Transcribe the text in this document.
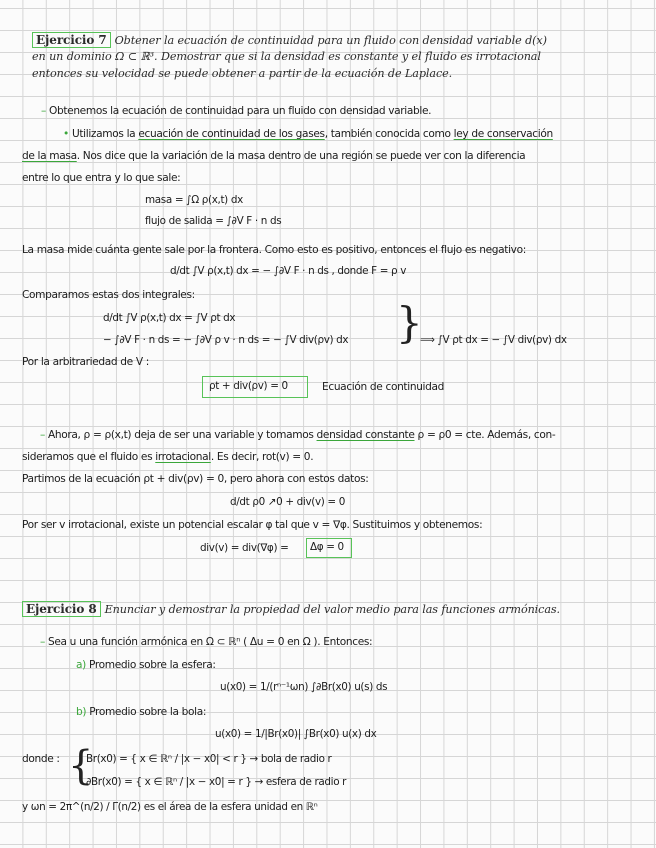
Ejercicio 7 Obtener la ecuación de continuidad para un fluido con densidad variable d(x)
en un dominio Ω ⊂ ℝ³. Demostrar que si la densidad es constante y el fluido es irrotacional
entonces su velocidad se puede obtener a partir de la ecuación de Laplace.
– Obtenemos la ecuación de continuidad para un fluido con densidad variable.
• Utilizamos la ecuación de continuidad de los gases, también conocida como ley de conservación
de la masa. Nos dice que la variación de la masa dentro de una región se puede ver con la diferencia
entre lo que entra y lo que sale:
masa = ∫Ω ρ(x,t) dx
flujo de salida = ∫∂V F · n ds
La masa mide cuánta gente sale por la frontera. Como esto es positivo, entonces el flujo es negativo:
d/dt ∫V ρ(x,t) dx = − ∫∂V F · n ds , donde F = ρ v
Comparamos estas dos integrales:
d/dt ∫V ρ(x,t) dx = ∫V ρt dx
− ∫∂V F · n ds = − ∫∂V ρ v · n ds = − ∫V div(ρv) dx }
⟹ ∫V ρt dx = − ∫V div(ρv) dx
Por la arbitrariedad de V :
ρt + div(ρv) = 0	Ecuación de continuidad
– Ahora, ρ = ρ(x,t) deja de ser una variable y tomamos densidad constante ρ = ρ0 = cte. Además, con-
sideramos que el fluido es irrotacional. Es decir, rot(v) = 0.
Partimos de la ecuación ρt + div(ρv) = 0, pero ahora con estos datos:
d/dt ρ0 ↗0 + div(v) = 0
Por ser v irrotacional, existe un potencial escalar φ tal que v = ∇φ. Sustituimos y obtenemos:
div(v) = div(∇φ) = Δφ = 0
Ejercicio 8 Enunciar y demostrar la propiedad del valor medio para las funciones armónicas.
– Sea u una función armónica en Ω ⊂ ℝⁿ ( Δu = 0 en Ω ). Entonces:
a) Promedio sobre la esfera:
u(x0) = 1/(rⁿ⁻¹ωn) ∫∂Br(x0) u(s) ds
b) Promedio sobre la bola:
u(x0) = 1/|Br(x0)| ∫Br(x0) u(x) dx
donde : {
Br(x0) = { x ∈ ℝⁿ / |x − x0| < r } → bola de radio r
∂Br(x0) = { x ∈ ℝⁿ / |x − x0| = r } → esfera de radio r
y ωn = 2π^(n/2) / Γ(n/2) es el área de la esfera unidad en ℝⁿ
